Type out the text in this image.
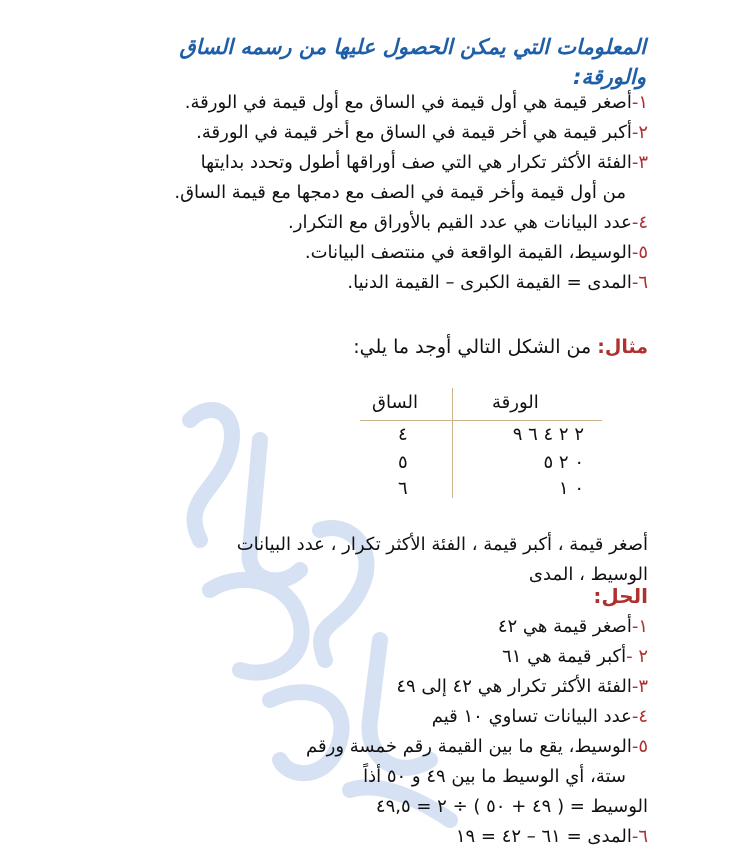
احمد صالح الديني
المعلومات التي يمكن الحصول عليها من رسمه الساق والورقة:
١-أصغر قيمة هي أول قيمة في الساق مع أول قيمة في الورقة.
٢-أكبر قيمة هي أخر قيمة في الساق مع أخر قيمة في الورقة.
٣-الفئة الأكثر تكرار هي التي صف أوراقها أطول وتحدد بدايتها
من أول قيمة وأخر قيمة في الصف مع دمجها مع قيمة الساق.
٤-عدد البيانات هي عدد القيم بالأوراق مع التكرار.
٥-الوسيط، القيمة الواقعة في منتصف البيانات.
٦-المدى = القيمة الكبرى – القيمة الدنيا.
مثال: من الشكل التالي أوجد ما يلي:
الساق	الورقة
٤	٢ ٢ ٤ ٦ ٩
٥	٠ ٢ ٥
٦	٠ ١
أصغر قيمة ، أكبر قيمة ، الفئة الأكثر تكرار ، عدد البيانات
الوسيط ، المدى
الحل:
١-أصغر قيمة هي ٤٢
٢ -أكبر قيمة هي ٦١
٣-الفئة الأكثر تكرار هي ٤٢ إلى ٤٩
٤-عدد البيانات تساوي ١٠ قيم
٥-الوسيط، يقع ما بين القيمة رقم خمسة ورقم
ستة، أي الوسيط ما بين ٤٩ و ٥٠ أذاً
الوسيط = ( ٤٩ + ٥٠ ) ÷ ٢ = ٤٩,٥
٦-المدى = ٦١ – ٤٢ = ١٩
